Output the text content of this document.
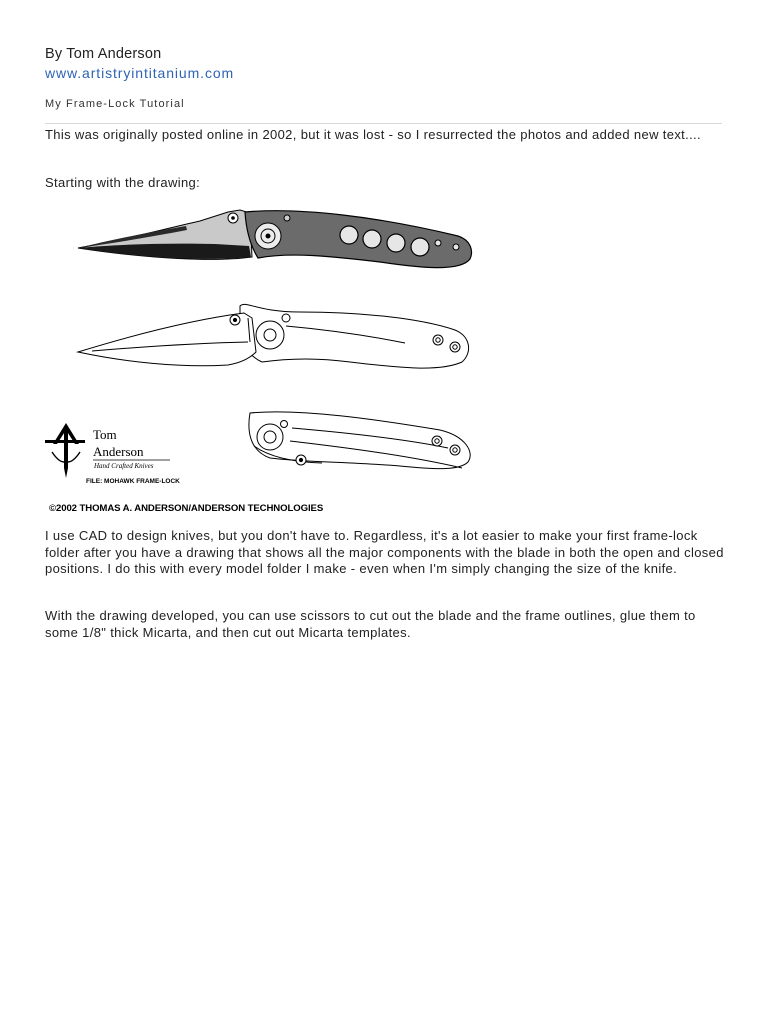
By Tom Anderson
www.artistryintitanium.com
My Frame-Lock Tutorial

This was originally posted online in 2002, but it was lost - so I resurrected the photos and added new text....

Starting with the drawing:

Tom
Anderson
Hand Crafted Knives
FILE: MOHAWK FRAME-LOCK
©2002 THOMAS A. ANDERSON/ANDERSON TECHNOLOGIES

I use CAD to design knives, but you don't have to. Regardless, it's a lot easier to make your first frame-lock folder after you have a drawing that shows all the major components with the blade in both the open and closed positions. I do this with every model folder I make - even when I'm simply changing the size of the knife.

With the drawing developed, you can use scissors to cut out the blade and the frame outlines, glue them to some 1/8" thick Micarta, and then cut out Micarta templates.
